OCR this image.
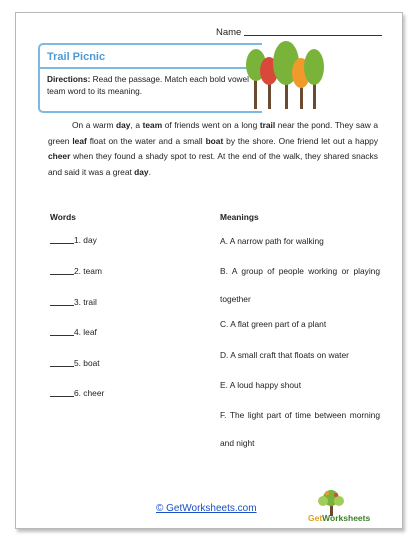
Name
Trail Picnic
Directions: Read the passage. Match each bold vowel team word to its meaning.

On a warm day, a team of friends went on a long trail near the pond. They saw a green leaf float on the water and a small boat by the shore. One friend let out a happy cheer when they found a shady spot to rest. At the end of the walk, they shared snacks and said it was a great day.

Words	Meanings
1. day
2. team
3. trail
4. leaf
5. boat
6. cheer
A. A narrow path for walking
B. A group of people working or playing together
C. A flat green part of a plant
D. A small craft that floats on water
E. A loud happy shout
F. The light part of time between morning and night
© GetWorksheets.com
GetWorksheets
